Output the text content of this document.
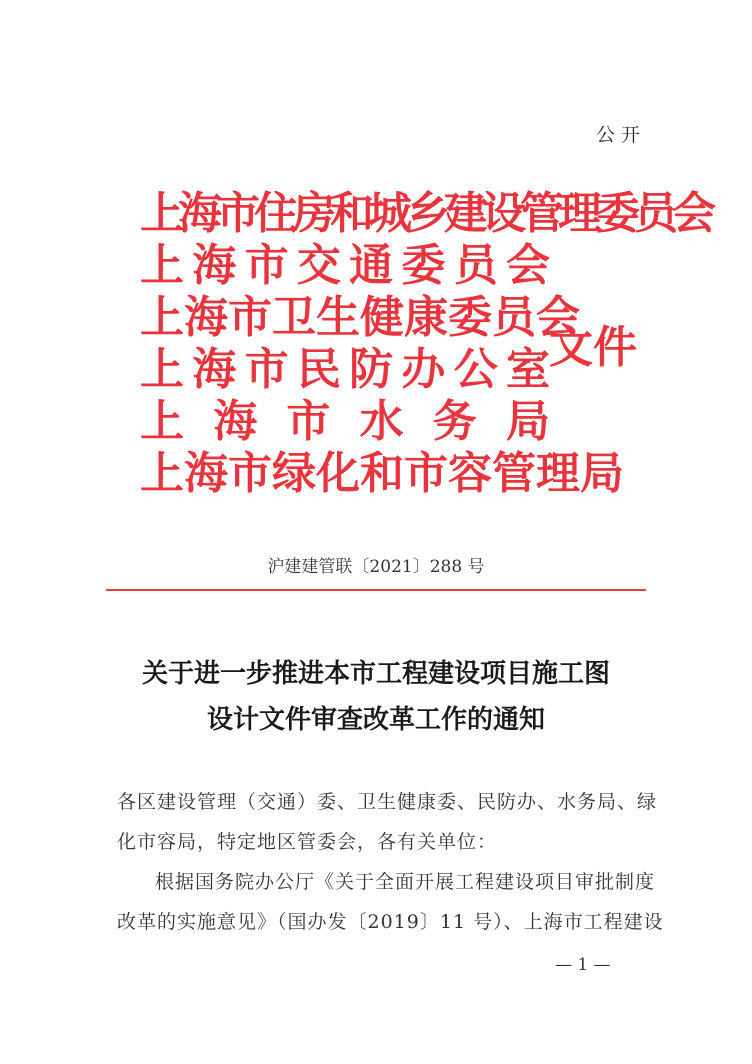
公开
上海市住房和城乡建设管理委员会
上 海 市 交 通 委 员 会
上 海 市 卫 生 健 康 委 员 会
上 海 市 民 防 办 公 室
上 海 市 水 务 局
上 海 市 绿 化 和 市 容 管 理 局
文件
沪建建管联〔2021〕288 号
关于进一步推进本市工程建设项目施工图
设计文件审查改革工作的通知

各区建设管理（交通）委、卫生健康委、民防办、水务局、绿

化市容局，特定地区管委会，各有关单位：

根据国务院办公厅《关于全面开展工程建设项目审批制度

改革的实施意见》（国办发〔2019〕11 号）、上海市工程建设

— 1 —
